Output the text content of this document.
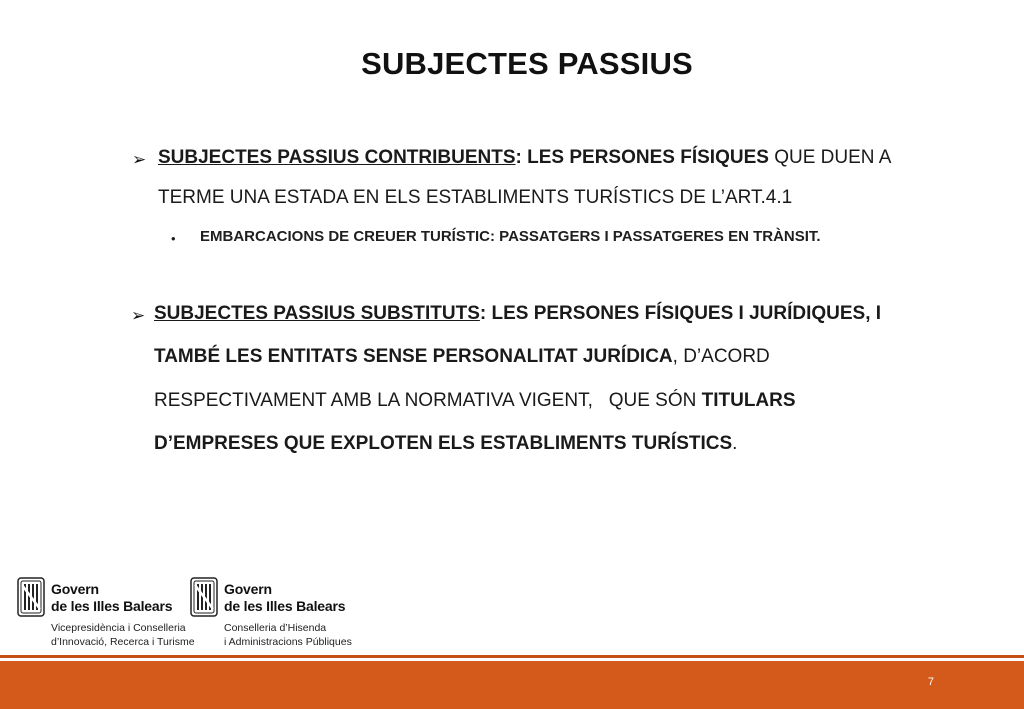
SUBJECTES PASSIUS
➢ SUBJECTES PASSIUS CONTRIBUENTS: LES PERSONES FÍSIQUES QUE DUEN A
TERME UNA ESTADA EN ELS ESTABLIMENTS TURÍSTICS DE L’ART.4.1
• EMBARCACIONS DE CREUER TURÍSTIC: PASSATGERS I PASSATGERES EN TRÀNSIT.
➢ SUBJECTES PASSIUS SUBSTITUTS: LES PERSONES FÍSIQUES I JURÍDIQUES, I
TAMBÉ LES ENTITATS SENSE PERSONALITAT JURÍDICA, D’ACORD
RESPECTIVAMENT AMB LA NORMATIVA VIGENT,   QUE SÓN TITULARS
D’EMPRESES QUE EXPLOTEN ELS ESTABLIMENTS TURÍSTICS.
Govern
de les Illes Balears
Vicepresidència i Conselleria
d’Innovació, Recerca i Turisme
Govern
de les Illes Balears
Conselleria d’Hisenda
i Administracions Públiques
7
